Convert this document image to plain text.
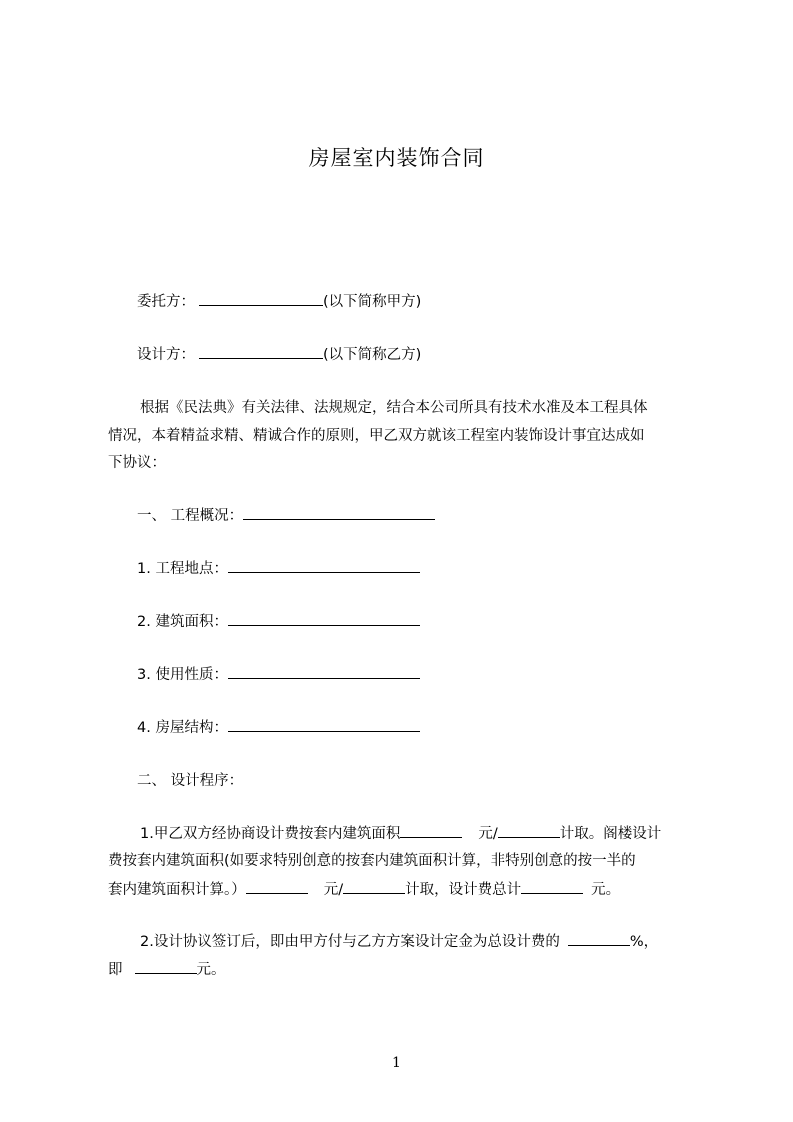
房屋室内装饰合同
委托方：	(以下简称甲方)
设计方：	(以下简称乙方)
根据《民法典》有关法律、法规规定，结合本公司所具有技术水准及本工程具体
情况，本着精益求精、精诚合作的原则，甲乙双方就该工程室内装饰设计事宜达成如
下协议：
一、 工程概况：
1. 工程地点：
2. 建筑面积：
3. 使用性质：
4. 房屋结构：
二、 设计程序：
1.甲乙双方经协商设计费按套内建筑面积	元/	计取。阁楼设计
费按套内建筑面积(如要求特别创意的按套内建筑面积计算，非特别创意的按一半的
套内建筑面积计算。）	元/	计取，设计费总计	元。
2.设计协议签订后，即由甲方付与乙方方案设计定金为总设计费的	%，
即	元。
1
